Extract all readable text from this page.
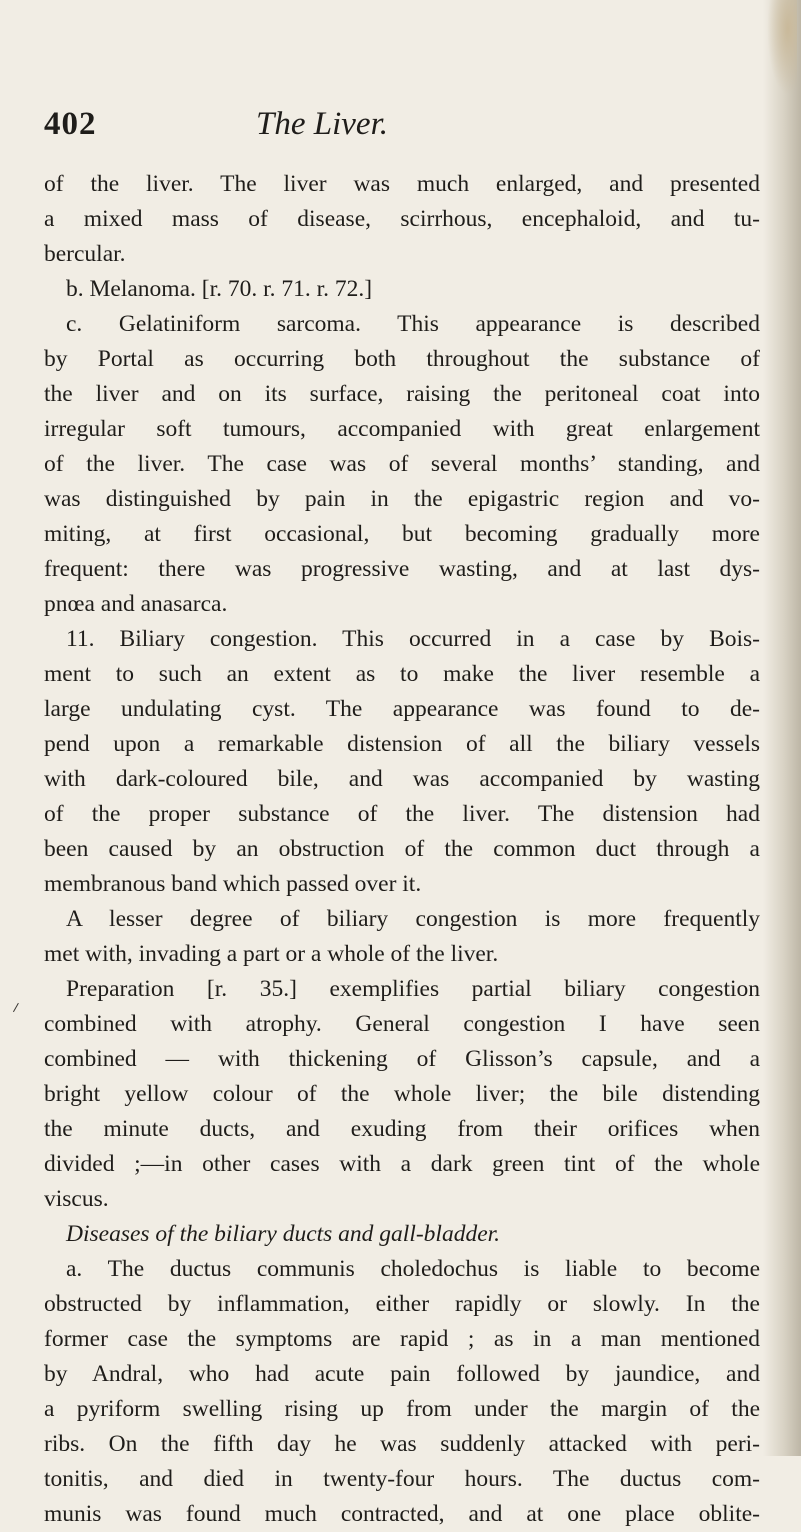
402	The Liver.
of the liver. The liver was much enlarged, and presented
a mixed mass of disease, scirrhous, encephaloid, and tu-
bercular.
b. Melanoma. [r. 70. r. 71. r. 72.]
c. Gelatiniform sarcoma. This appearance is described
by Portal as occurring both throughout the substance of
the liver and on its surface, raising the peritoneal coat into
irregular soft tumours, accompanied with great enlargement
of the liver. The case was of several months’ standing, and
was distinguished by pain in the epigastric region and vo-
miting, at first occasional, but becoming gradually more
frequent: there was progressive wasting, and at last dys-
pnœa and anasarca.
11. Biliary congestion. This occurred in a case by Bois-
ment to such an extent as to make the liver resemble a
large undulating cyst. The appearance was found to de-
pend upon a remarkable distension of all the biliary vessels
with dark-coloured bile, and was accompanied by wasting
of the proper substance of the liver. The distension had
been caused by an obstruction of the common duct through a
membranous band which passed over it.
A lesser degree of biliary congestion is more frequently
met with, invading a part or a whole of the liver.
Preparation [r. 35.] exemplifies partial biliary congestion
combined with atrophy. General congestion I have seen
combined — with thickening of Glisson’s capsule, and a
bright yellow colour of the whole liver; the bile distending
the minute ducts, and exuding from their orifices when
divided ;—in other cases with a dark green tint of the whole
viscus.
Diseases of the biliary ducts and gall-bladder.
a. The ductus communis choledochus is liable to become
obstructed by inflammation, either rapidly or slowly. In the
former case the symptoms are rapid ; as in a man mentioned
by Andral, who had acute pain followed by jaundice, and
a pyriform swelling rising up from under the margin of the
ribs. On the fifth day he was suddenly attacked with peri-
tonitis, and died in twenty-four hours. The ductus com-
munis was found much contracted, and at one place oblite-
